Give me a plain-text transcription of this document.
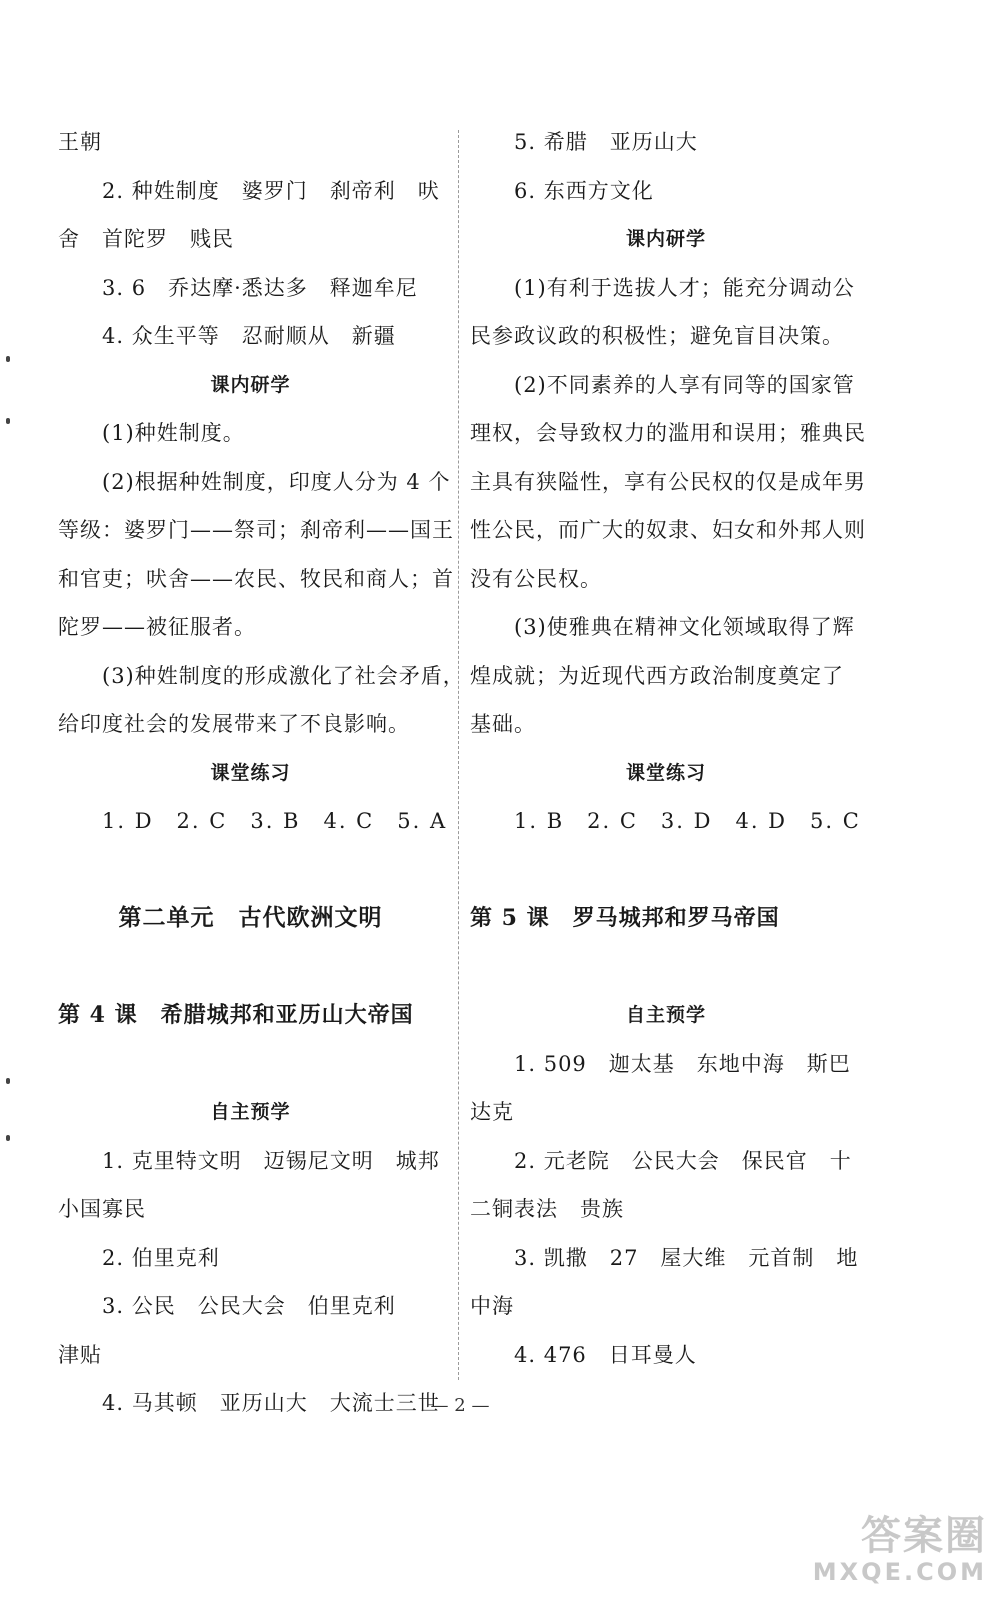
王朝
2. 种姓制度　婆罗门　刹帝利　吠
舍　首陀罗　贱民
3. 6　乔达摩·悉达多　释迦牟尼
4. 众生平等　忍耐顺从　新疆
课内研学
(1)种姓制度。
(2)根据种姓制度，印度人分为 4 个
等级：婆罗门——祭司；刹帝利——国王
和官吏；吠舍——农民、牧民和商人；首
陀罗——被征服者。
(3)种姓制度的形成激化了社会矛盾，
给印度社会的发展带来了不良影响。
课堂练习
1. D　2. C　3. B　4. C　5. A
第二单元　古代欧洲文明
第 4 课　希腊城邦和亚历山大帝国
自主预学
1. 克里特文明　迈锡尼文明　城邦
小国寡民
2. 伯里克利
3. 公民　公民大会　伯里克利
津贴
4. 马其顿　亚历山大　大流士三世
5. 希腊　亚历山大
6. 东西方文化
课内研学
(1)有利于选拔人才；能充分调动公
民参政议政的积极性；避免盲目决策。
(2)不同素养的人享有同等的国家管
理权，会导致权力的滥用和误用；雅典民
主具有狭隘性，享有公民权的仅是成年男
性公民，而广大的奴隶、妇女和外邦人则
没有公民权。
(3)使雅典在精神文化领域取得了辉
煌成就；为近现代西方政治制度奠定了
基础。
课堂练习
1. B　2. C　3. D　4. D　5. C
第 5 课　罗马城邦和罗马帝国
自主预学
1. 509　迦太基　东地中海　斯巴
达克
2. 元老院　公民大会　保民官　十
二铜表法　贵族
3. 凯撒　27　屋大维　元首制　地
中海
4. 476　日耳曼人
— 2 —
答案圈
MXQE.COM
